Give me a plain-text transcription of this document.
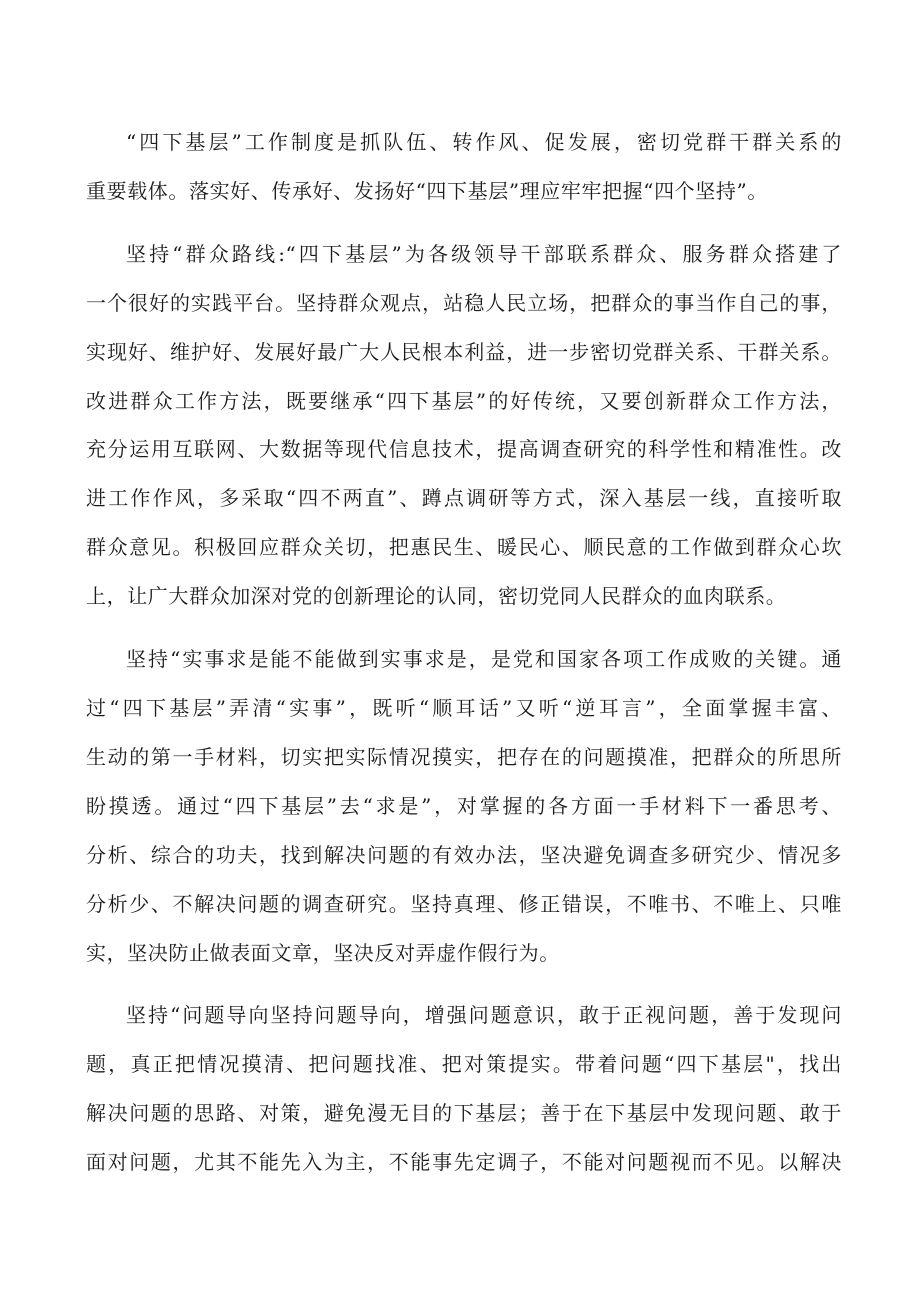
“四下基层”工作制度是抓队伍、转作风、促发展，密切党群干群关系的
重要载体。落实好、传承好、发扬好“四下基层”理应牢牢把握“四个坚持”。
坚持“群众路线:“四下基层”为各级领导干部联系群众、服务群众搭建了
一个很好的实践平台。坚持群众观点，站稳人民立场，把群众的事当作自己的事，
实现好、维护好、发展好最广大人民根本利益，进一步密切党群关系、干群关系。
改进群众工作方法，既要继承“四下基层”的好传统，又要创新群众工作方法，
充分运用互联网、大数据等现代信息技术，提高调查研究的科学性和精准性。改
进工作作风，多采取“四不两直”、蹲点调研等方式，深入基层一线，直接听取
群众意见。积极回应群众关切，把惠民生、暖民心、顺民意的工作做到群众心坎
上，让广大群众加深对党的创新理论的认同，密切党同人民群众的血肉联系。
坚持“实事求是能不能做到实事求是，是党和国家各项工作成败的关键。通
过“四下基层”弄清“实事”，既听“顺耳话”又听“逆耳言”，全面掌握丰富、
生动的第一手材料，切实把实际情况摸实，把存在的问题摸准，把群众的所思所
盼摸透。通过“四下基层”去“求是”，对掌握的各方面一手材料下一番思考、
分析、综合的功夫，找到解决问题的有效办法，坚决避免调查多研究少、情况多
分析少、不解决问题的调查研究。坚持真理、修正错误，不唯书、不唯上、只唯
实，坚决防止做表面文章，坚决反对弄虚作假行为。
坚持“问题导向坚持问题导向，增强问题意识，敢于正视问题，善于发现问
题，真正把情况摸清、把问题找准、把对策提实。带着问题“四下基层"，找出
解决问题的思路、对策，避免漫无目的下基层；善于在下基层中发现问题、敢于
面对问题，尤其不能先入为主，不能事先定调子，不能对问题视而不见。以解决
